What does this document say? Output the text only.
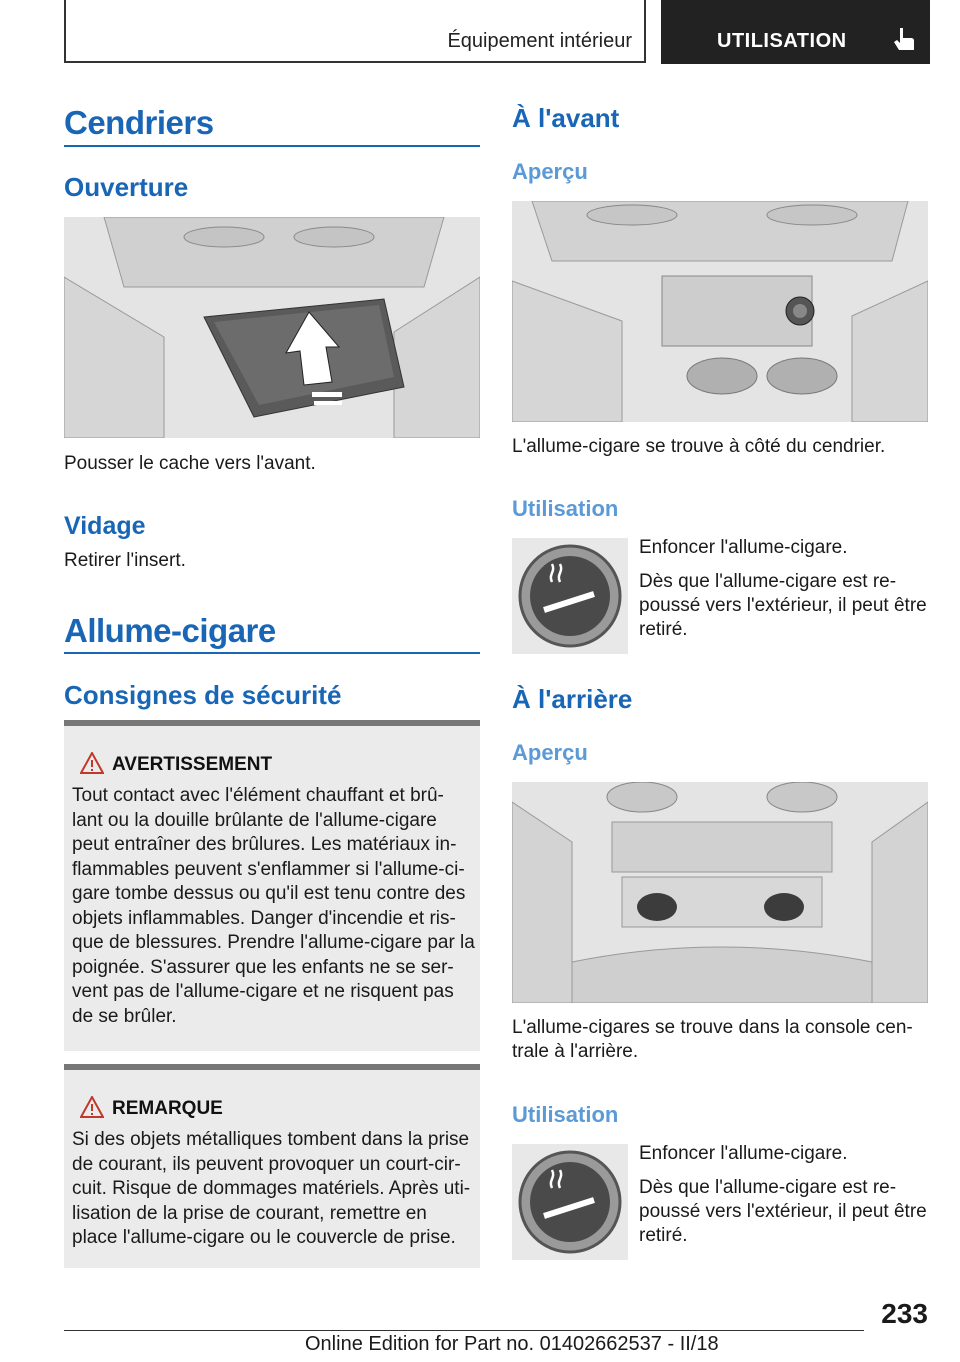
Équipement intérieur	UTILISATION
Cendriers
Ouverture

Pousser le cache vers l'avant.

Vidage

Retirer l'insert.

Allume-cigare
Consignes de sécurité
AVERTISSEMENT
Tout contact avec l'élément chauffant et brû-
lant ou la douille brûlante de l'allume-cigare
peut entraîner des brûlures. Les matériaux in-
flammables peuvent s'enflammer si l'allume-ci-
gare tombe dessus ou qu'il est tenu contre des
objets inflammables. Danger d'incendie et ris-
que de blessures. Prendre l'allume-cigare par la
poignée. S'assurer que les enfants ne se ser-
vent pas de l'allume-cigare et ne risquent pas
de se brûler.
REMARQUE
Si des objets métalliques tombent dans la prise
de courant, ils peuvent provoquer un court-cir-
cuit. Risque de dommages matériels. Après uti-
lisation de la prise de courant, remettre en
place l'allume-cigare ou le couvercle de prise.
À l'avant
Aperçu

L'allume-cigare se trouve à côté du cendrier.

Utilisation

Enfoncer l'allume-cigare.

Dès que l'allume-cigare est re-
poussé vers l'extérieur, il peut être
retiré.
À l'arrière
Aperçu
L'allume-cigares se trouve dans la console cen-
trale à l'arrière.
Utilisation

Enfoncer l'allume-cigare.

Dès que l'allume-cigare est re-
poussé vers l'extérieur, il peut être
retiré.
233
Online Edition for Part no. 01402662537 - II/18
